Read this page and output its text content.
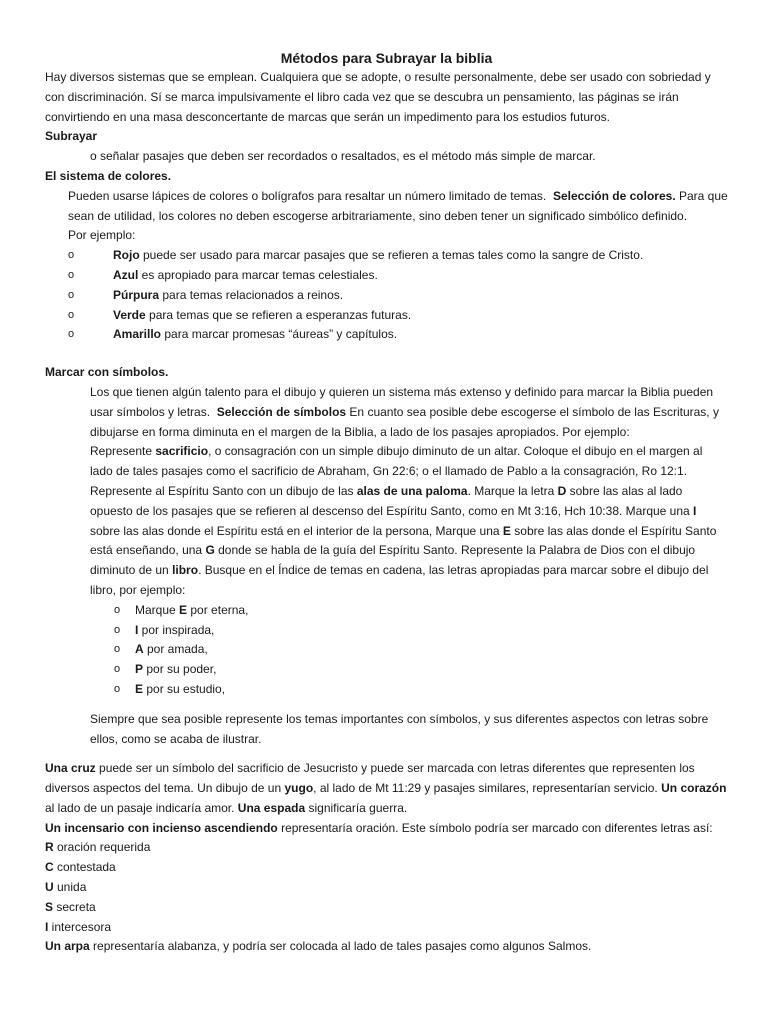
Métodos para Subrayar la biblia

Hay diversos sistemas que se emplean. Cualquiera que se adopte, o resulte personalmente, debe ser usado con sobriedad y con discriminación. Sí se marca impulsivamente el libro cada vez que se descubra un pensamiento, las páginas se irán convirtiendo en una masa desconcertante de marcas que serán un impedimento para los estudios futuros.

Subrayar

o señalar pasajes que deben ser recordados o resaltados, es el método más simple de marcar.

El sistema de colores.

Pueden usarse lápices de colores o bolígrafos para resaltar un número limitado de temas. Selección de colores. Para que sean de utilidad, los colores no deben escogerse arbitrariamente, sino deben tener un significado simbólico definido.

Por ejemplo:

o	Rojo puede ser usado para marcar pasajes que se refieren a temas tales como la sangre de Cristo.
o	Azul es apropiado para marcar temas celestiales.
o	Púrpura para temas relacionados a reinos.
o	Verde para temas que se refieren a esperanzas futuras.
o	Amarillo para marcar promesas “áureas” y capítulos.

Marcar con símbolos.

Los que tienen algún talento para el dibujo y quieren un sistema más extenso y definido para marcar la Biblia pueden usar símbolos y letras. Selección de símbolos En cuanto sea posible debe escogerse el símbolo de las Escrituras, y dibujarse en forma diminuta en el margen de la Biblia, a lado de los pasajes apropiados. Por ejemplo:

Represente sacrificio, o consagración con un simple dibujo diminuto de un altar. Coloque el dibujo en el margen al lado de tales pasajes como el sacrificio de Abraham, Gn 22:6; o el llamado de Pablo a la consagración, Ro 12:1. Represente al Espíritu Santo con un dibujo de las alas de una paloma. Marque la letra D sobre las alas al lado opuesto de los pasajes que se refieren al descenso del Espíritu Santo, como en Mt 3:16, Hch 10:38. Marque una I sobre las alas donde el Espíritu está en el interior de la persona, Marque una E sobre las alas donde el Espíritu Santo está enseñando, una G donde se habla de la guía del Espíritu Santo. Represente la Palabra de Dios con el dibujo diminuto de un libro. Busque en el Índice de temas en cadena, las letras apropiadas para marcar sobre el dibujo del libro, por ejemplo:

o Marque E por eterna,
o I por inspirada,
o A por amada,
o P por su poder,
o E por su estudio,

Siempre que sea posible represente los temas importantes con símbolos, y sus diferentes aspectos con letras sobre ellos, como se acaba de ilustrar.

Una cruz puede ser un símbolo del sacrificio de Jesucristo y puede ser marcada con letras diferentes que representen los diversos aspectos del tema. Un dibujo de un yugo, al lado de Mt 11:29 y pasajes similares, representarían servicio. Un corazón al lado de un pasaje indicaría amor. Una espada significaría guerra.

Un incensario con incienso ascendiendo representaría oración. Este símbolo podría ser marcado con diferentes letras así:

R oración requerida

C contestada

U unida

S secreta

I intercesora

Un arpa representaría alabanza, y podría ser colocada al lado de tales pasajes como algunos Salmos.
